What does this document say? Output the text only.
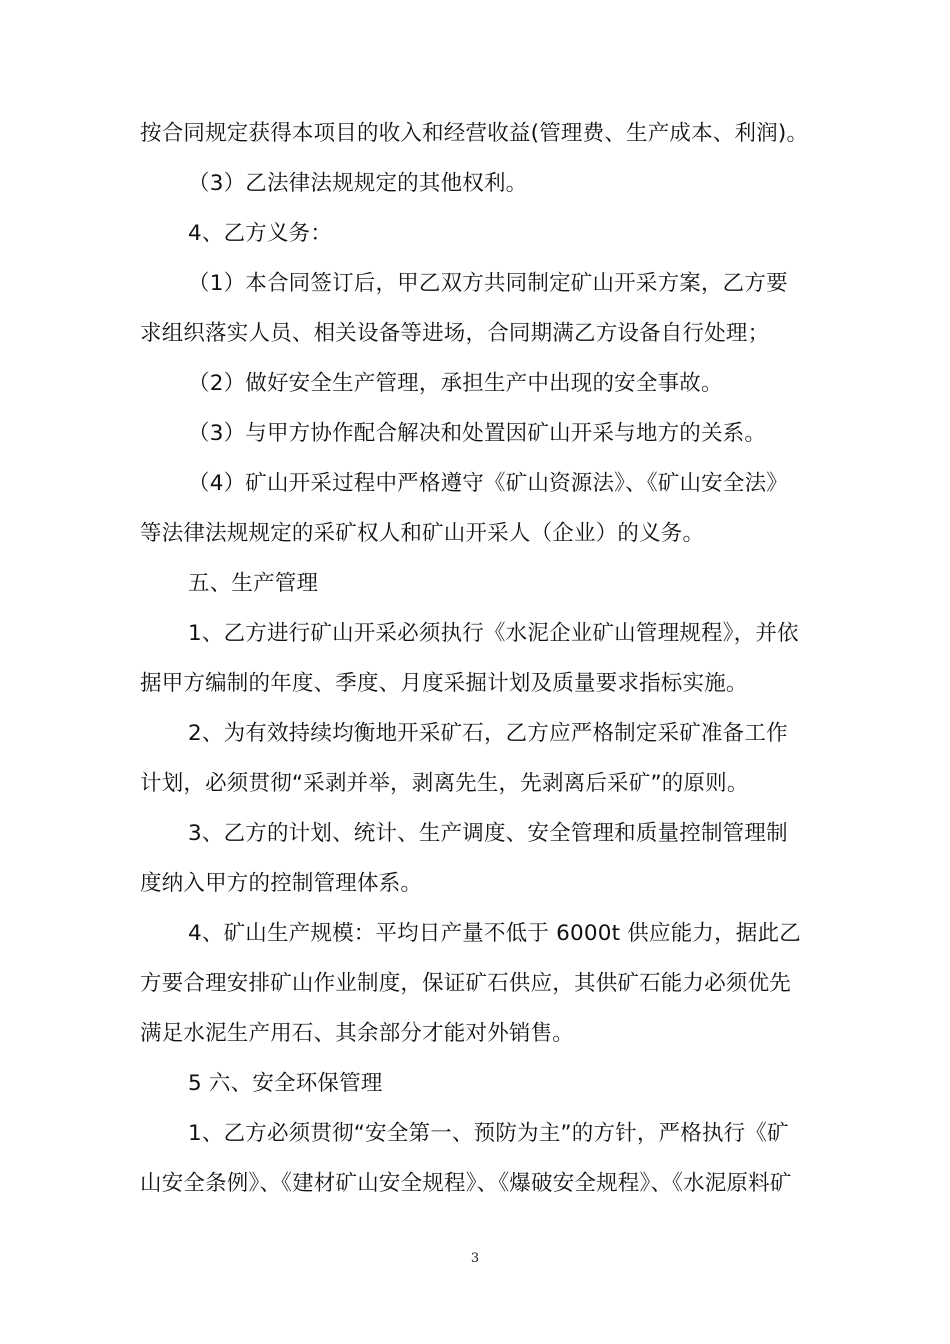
按合同规定获得本项目的收入和经营收益(管理费、生产成本、利润)。
（3）乙法律法规规定的其他权利。
4、乙方义务：
（1）本合同签订后，甲乙双方共同制定矿山开采方案，乙方要
求组织落实人员、相关设备等进场，合同期满乙方设备自行处理；
（2）做好安全生产管理，承担生产中出现的安全事故。
（3）与甲方协作配合解决和处置因矿山开采与地方的关系。
（4）矿山开采过程中严格遵守《矿山资源法》、《矿山安全法》
等法律法规规定的采矿权人和矿山开采人（企业）的义务。
五、生产管理
1、乙方进行矿山开采必须执行《水泥企业矿山管理规程》，并依
据甲方编制的年度、季度、月度采掘计划及质量要求指标实施。
2、为有效持续均衡地开采矿石，乙方应严格制定采矿准备工作
计划，必须贯彻“采剥并举，剥离先生，先剥离后采矿”的原则。
3、乙方的计划、统计、生产调度、安全管理和质量控制管理制
度纳入甲方的控制管理体系。
4、矿山生产规模：平均日产量不低于 6000t 供应能力，据此乙
方要合理安排矿山作业制度，保证矿石供应，其供矿石能力必须优先
满足水泥生产用石、其余部分才能对外销售。
5 六、安全环保管理
1、乙方必须贯彻“安全第一、预防为主”的方针，严格执行《矿
山安全条例》、《建材矿山安全规程》、《爆破安全规程》、《水泥原料矿
3
